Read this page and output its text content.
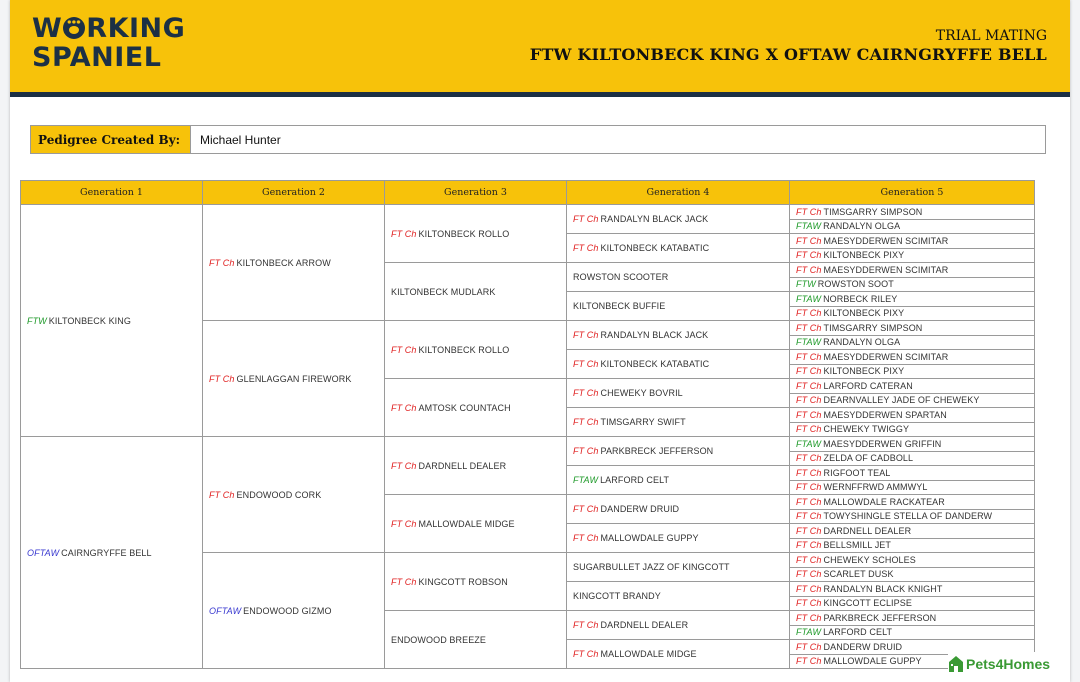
W RKING
SPANIEL
TRIAL MATING
FTW KILTONBECK KING X OFTAW CAIRNGRYFFE BELL
Pedigree Created By:	Michael Hunter
Generation 1	Generation 2	Generation 3	Generation 4	Generation 5
FTW KILTONBECK KING	FT Ch KILTONBECK ARROW	FT Ch KILTONBECK ROLLO	FT Ch RANDALYN BLACK JACK	FT Ch TIMSGARRY SIMPSON
				FTAW RANDALYN OLGA
			FT Ch KILTONBECK KATABATIC	FT Ch MAESYDDERWEN SCIMITAR
				FT Ch KILTONBECK PIXY
		KILTONBECK MUDLARK	ROWSTON SCOOTER	FT Ch MAESYDDERWEN SCIMITAR
				FTW ROWSTON SOOT
			KILTONBECK BUFFIE	FTAW NORBECK RILEY
				FT Ch KILTONBECK PIXY
	FT Ch GLENLAGGAN FIREWORK	FT Ch KILTONBECK ROLLO	FT Ch RANDALYN BLACK JACK	FT Ch TIMSGARRY SIMPSON
				FTAW RANDALYN OLGA
			FT Ch KILTONBECK KATABATIC	FT Ch MAESYDDERWEN SCIMITAR
				FT Ch KILTONBECK PIXY
		FT Ch AMTOSK COUNTACH	FT Ch CHEWEKY BOVRIL	FT Ch LARFORD CATERAN
				FT Ch DEARNVALLEY JADE OF CHEWEKY
			FT Ch TIMSGARRY SWIFT	FT Ch MAESYDDERWEN SPARTAN
				FT Ch CHEWEKY TWIGGY
OFTAW CAIRNGRYFFE BELL	FT Ch ENDOWOOD CORK	FT Ch DARDNELL DEALER	FT Ch PARKBRECK JEFFERSON	FTAW MAESYDDERWEN GRIFFIN
				FT Ch ZELDA OF CADBOLL
			FTAW LARFORD CELT	FT Ch RIGFOOT TEAL
				FT Ch WERNFFRWD AMMWYL
		FT Ch MALLOWDALE MIDGE	FT Ch DANDERW DRUID	FT Ch MALLOWDALE RACKATEAR
				FT Ch TOWYSHINGLE STELLA OF DANDERW
			FT Ch MALLOWDALE GUPPY	FT Ch DARDNELL DEALER
				FT Ch BELLSMILL JET
	OFTAW ENDOWOOD GIZMO	FT Ch KINGCOTT ROBSON	SUGARBULLET JAZZ OF KINGCOTT	FT Ch CHEWEKY SCHOLES
				FT Ch SCARLET DUSK
			KINGCOTT BRANDY	FT Ch RANDALYN BLACK KNIGHT
				FT Ch KINGCOTT ECLIPSE
		ENDOWOOD BREEZE	FT Ch DARDNELL DEALER	FT Ch PARKBRECK JEFFERSON
				FTAW LARFORD CELT
			FT Ch MALLOWDALE MIDGE	FT Ch DANDERW DRUID
				FT Ch MALLOWDALE GUPPY	Pets4Homes
